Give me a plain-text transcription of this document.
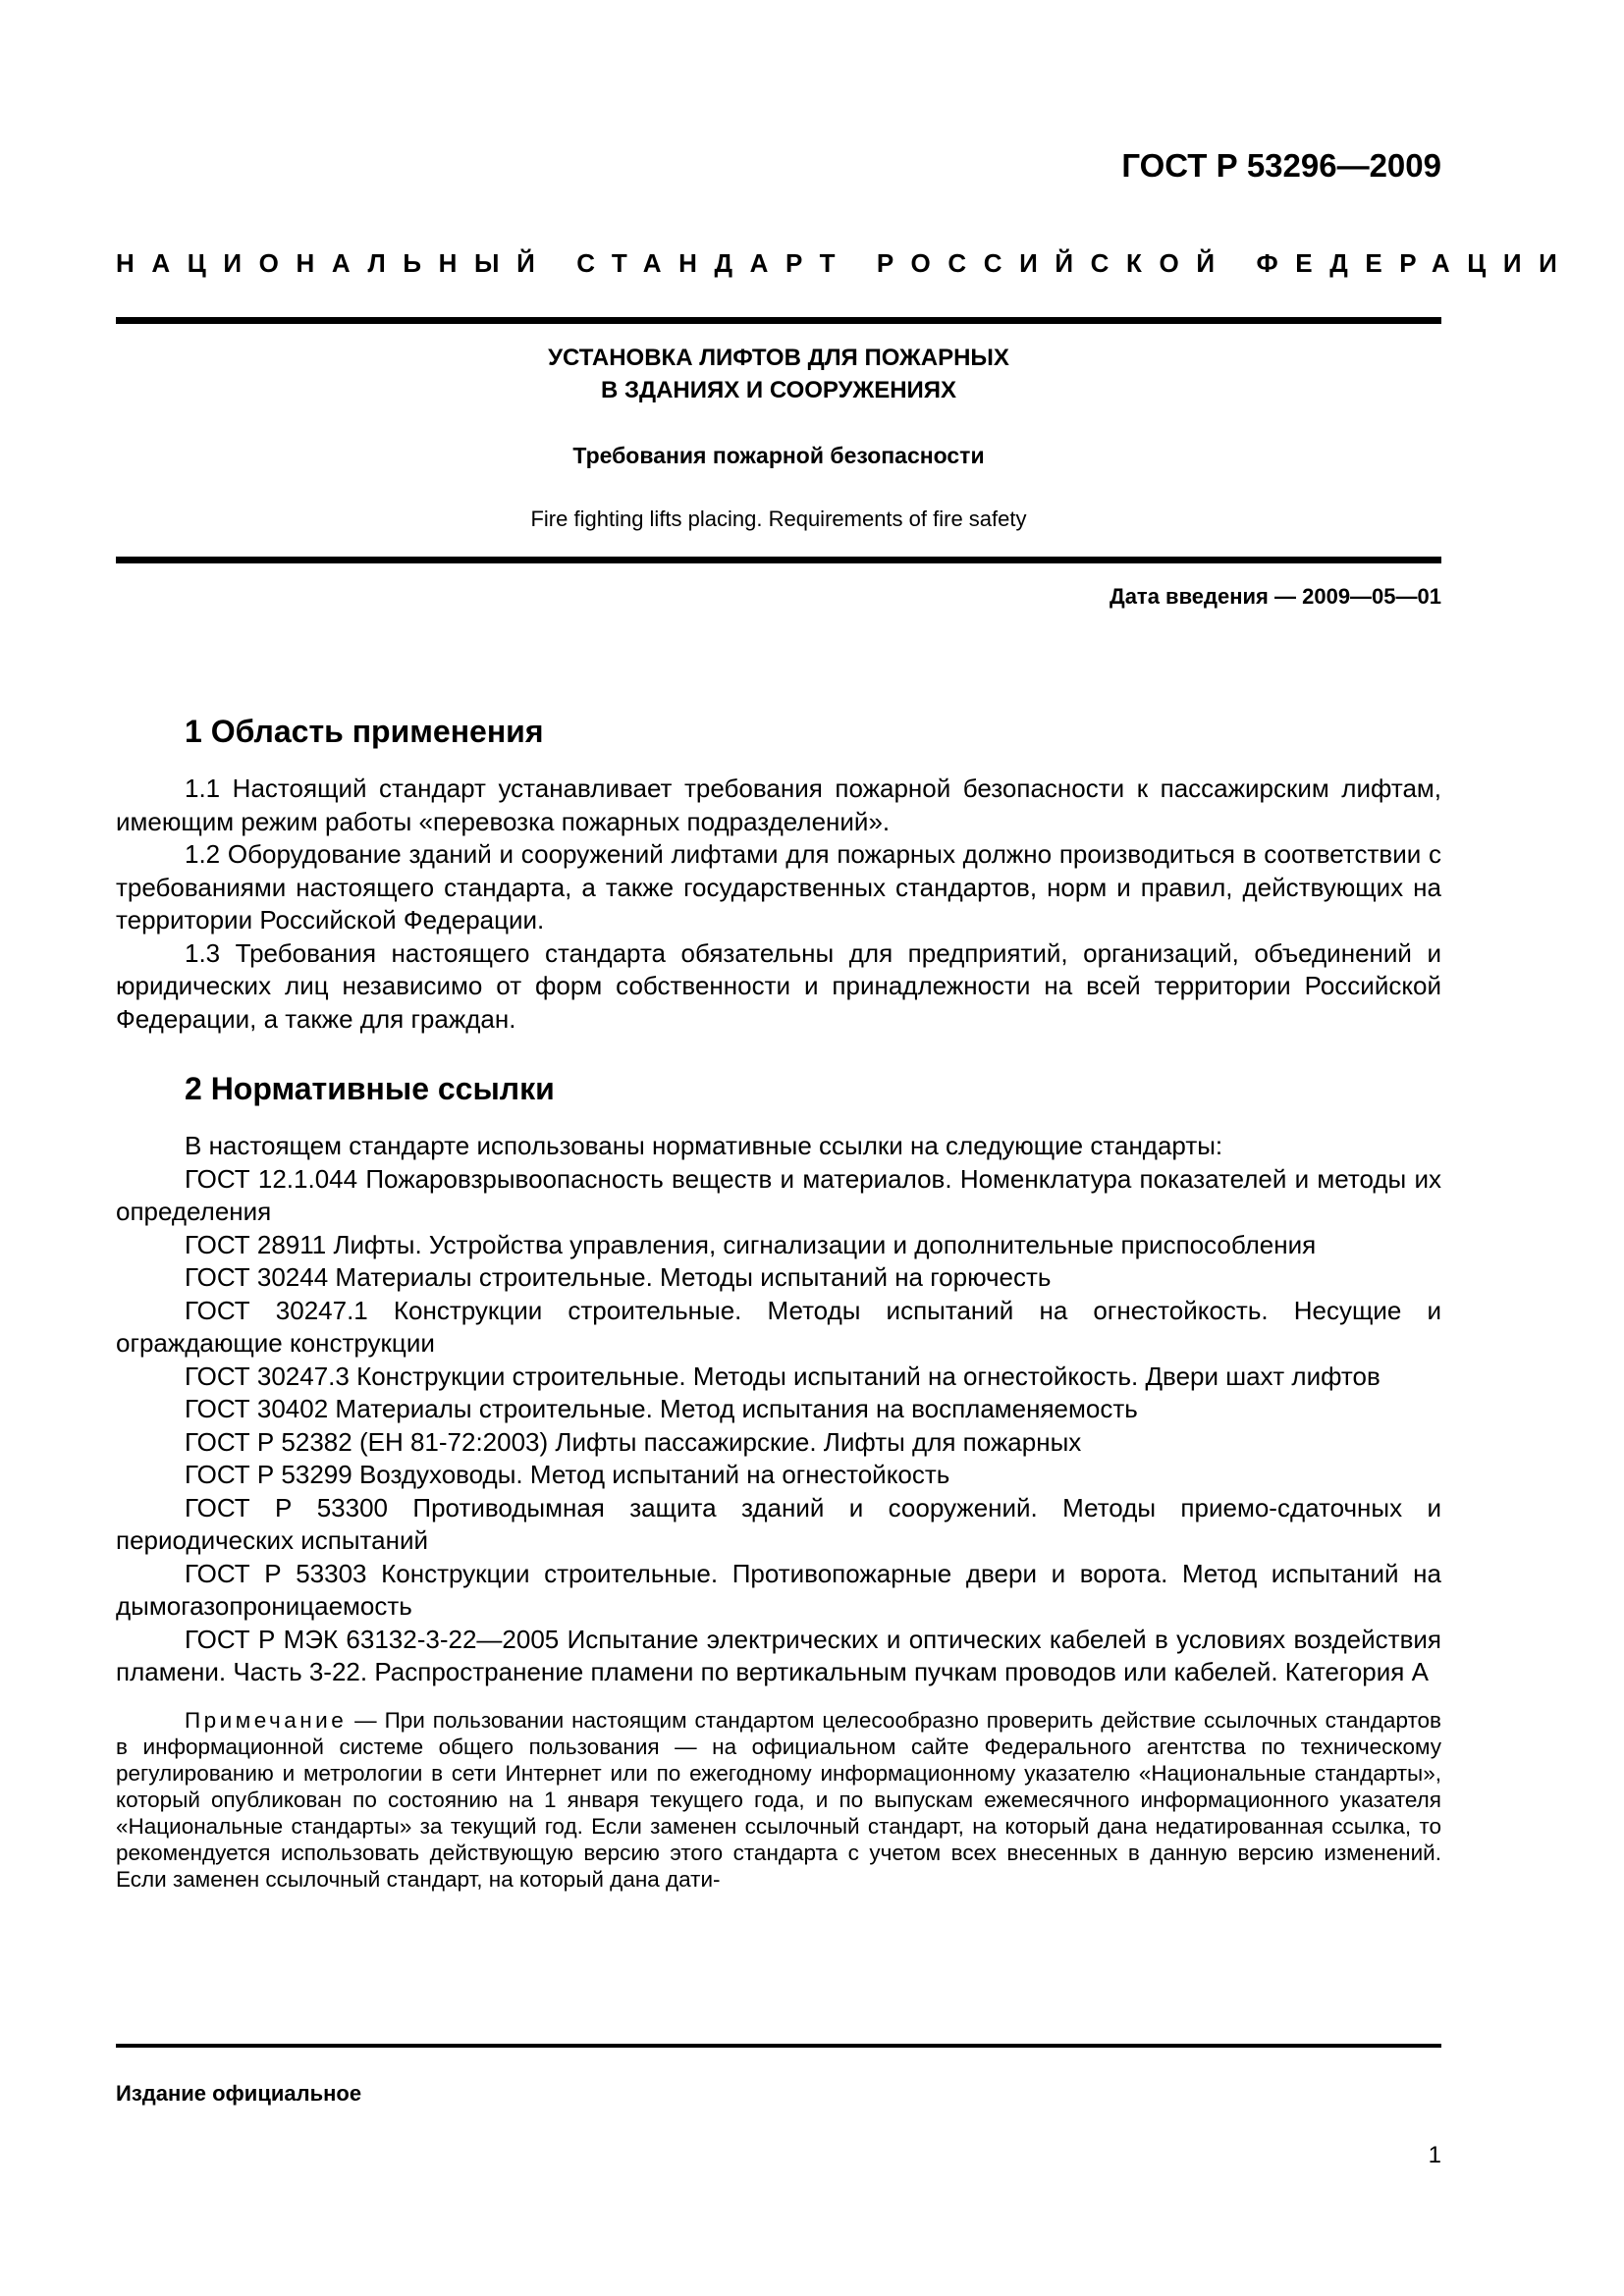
ГОСТ Р 53296—2009
НАЦИОНАЛЬНЫЙ СТАНДАРТ РОССИЙСКОЙ ФЕДЕРАЦИИ
УСТАНОВКА ЛИФТОВ ДЛЯ ПОЖАРНЫХ
В ЗДАНИЯХ И СООРУЖЕНИЯХ
Требования пожарной безопасности
Fire fighting lifts placing. Requirements of fire safety
Дата введения — 2009—05—01
1 Область применения

1.1 Настоящий стандарт устанавливает требования пожарной безопасности к пассажирским лифтам, имеющим режим работы «перевозка пожарных подразделений».

1.2 Оборудование зданий и сооружений лифтами для пожарных должно производиться в соответствии с требованиями настоящего стандарта, а также государственных стандартов, норм и правил, действующих на территории Российской Федерации.

1.3 Требования настоящего стандарта обязательны для предприятий, организаций, объединений и юридических лиц независимо от форм собственности и принадлежности на всей территории Российской Федерации, а также для граждан.

2 Нормативные ссылки

В настоящем стандарте использованы нормативные ссылки на следующие стандарты:

ГОСТ 12.1.044 Пожаровзрывоопасность веществ и материалов. Номенклатура показателей и методы их определения

ГОСТ 28911 Лифты. Устройства управления, сигнализации и дополнительные приспособления

ГОСТ 30244 Материалы строительные. Методы испытаний на горючесть

ГОСТ 30247.1 Конструкции строительные. Методы испытаний на огнестойкость. Несущие и ограждающие конструкции

ГОСТ 30247.3 Конструкции строительные. Методы испытаний на огнестойкость. Двери шахт лифтов

ГОСТ 30402 Материалы строительные. Метод испытания на воспламеняемость

ГОСТ Р 52382 (ЕН 81-72:2003) Лифты пассажирские. Лифты для пожарных

ГОСТ Р 53299 Воздуховоды. Метод испытаний на огнестойкость

ГОСТ Р 53300 Противодымная защита зданий и сооружений. Методы приемо-сдаточных и периодических испытаний

ГОСТ Р 53303 Конструкции строительные. Противопожарные двери и ворота. Метод испытаний на дымогазопроницаемость

ГОСТ Р МЭК 63132-3-22—2005 Испытание электрических и оптических кабелей в условиях воздействия пламени. Часть 3-22. Распространение пламени по вертикальным пучкам проводов или кабелей. Категория А

Примечание — При пользовании настоящим стандартом целесообразно проверить действие ссылочных стандартов в информационной системе общего пользования — на официальном сайте Федерального агентства по техническому регулированию и метрологии в сети Интернет или по ежегодному информационному указателю «Национальные стандарты», который опубликован по состоянию на 1 января текущего года, и по выпускам ежемесячного информационного указателя «Национальные стандарты» за текущий год. Если заменен ссылочный стандарт, на который дана недатированная ссылка, то рекомендуется использовать действующую версию этого стандарта с учетом всех внесенных в данную версию изменений. Если заменен ссылочный стандарт, на который дана дати-

Издание официальное
1
